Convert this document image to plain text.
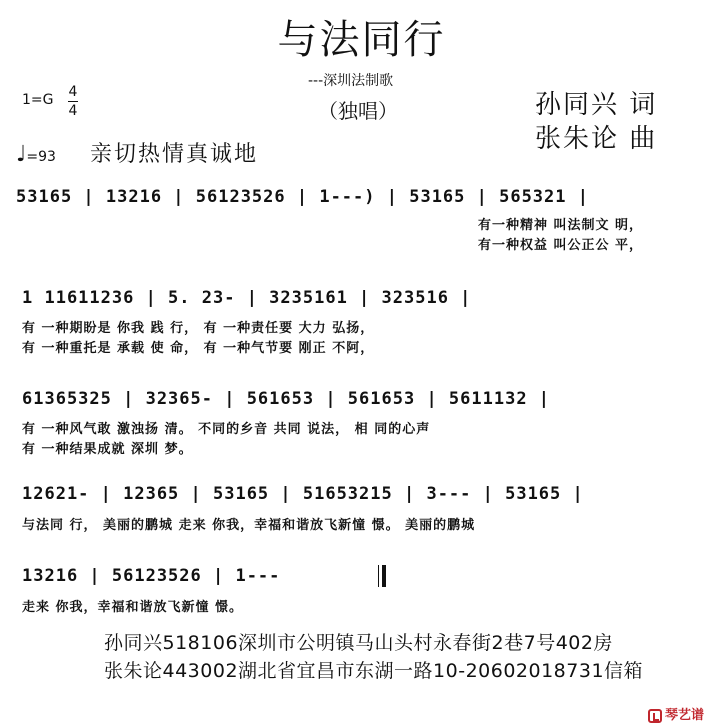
与法同行
---深圳法制歌
（独唱）
1=G 4
4	孙同兴 词
张朱论 曲
♩=93 亲切热情真诚地
53165 | 13216 | 56123526 | 1---) | 53165 | 565321 |
有一种精神 叫法制文 明，
有一种权益 叫公正公 平，
1 11611236 | 5. 23- | 3235161 | 323516 |
有 一种期盼是 你我 践 行， 有 一种责任要 大力 弘扬，
有 一种重托是 承载 使 命， 有 一种气节要 刚正 不阿，
61365325 | 32365- | 561653 | 561653 | 5611132 |
有 一种风气敢 激浊扬 清。 不同的乡音 共同 说法， 相 同的心声
有 一种结果成就 深圳 梦。
12621- | 12365 | 53165 | 51653215 | 3--- | 53165 |
与法同 行， 美丽的鹏城 走来 你我，幸福和谐放飞新憧 憬。 美丽的鹏城
13216 | 56123526 | 1---
走来 你我，幸福和谐放飞新憧 憬。
孙同兴518106深圳市公明镇马山头村永春街2巷7号402房
张朱论443002湖北省宜昌市东湖一路10-20602018731信箱
琴艺谱
